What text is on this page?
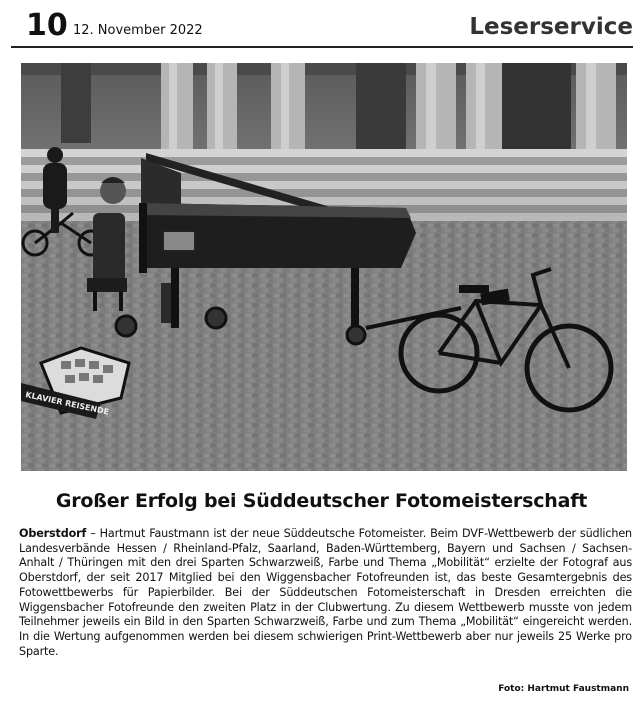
10 12. November 2022	Leserservice
KLAVIER REISENDE
Großer Erfolg bei Süddeutscher Fotomeisterschaft
Oberstdorf – Hartmut Faustmann ist der neue Süddeutsche Fotomeister. Beim DVF-Wettbewerb der südlichen Landesverbände Hessen / Rheinland-Pfalz, Saarland, Baden-Württemberg, Bayern und Sachsen / Sachsen-Anhalt / Thüringen mit den drei Sparten Schwarzweiß, Farbe und Thema „Mobilität“ erzielte der Fotograf aus Oberstdorf, der seit 2017 Mitglied bei den Wiggensbacher Fotofreunden ist, das beste Gesamtergebnis des Fotowettbewerbs für Papierbilder. Bei der Süddeutschen Fotomeisterschaft in Dresden erreichten die Wiggensbacher Fotofreunde den zweiten Platz in der Clubwertung. Zu diesem Wettbewerb musste von jedem Teilnehmer jeweils ein Bild in den Sparten Schwarzweiß, Farbe und zum Thema „Mobilität“ eingereicht werden. In die Wertung aufgenommen werden bei diesem schwierigen Print-Wettbewerb aber nur jeweils 25 Werke pro Sparte.
Foto: Hartmut Faustmann
